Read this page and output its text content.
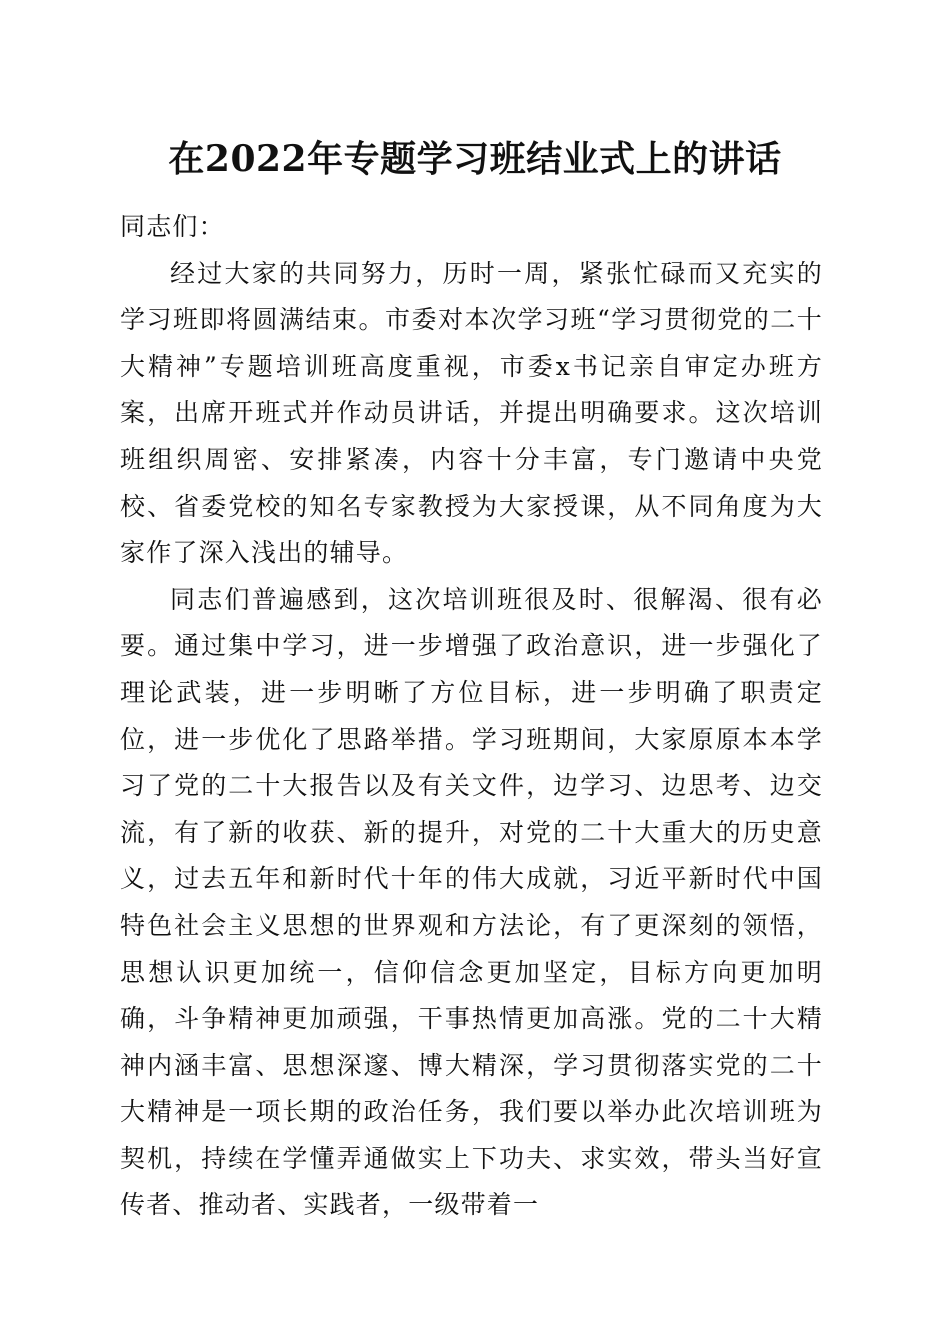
在2022年专题学习班结业式上的讲话

同志们：

经过大家的共同努力，历时一周，紧张忙碌而又充实的学习班即将圆满结束。市委对本次学习班“学习贯彻党的二十大精神”专题培训班高度重视，市委x书记亲自审定办班方案，出席开班式并作动员讲话，并提出明确要求。这次培训班组织周密、安排紧凑，内容十分丰富，专门邀请中央党校、省委党校的知名专家教授为大家授课，从不同角度为大家作了深入浅出的辅导。

同志们普遍感到，这次培训班很及时、很解渴、很有必要。通过集中学习，进一步增强了政治意识，进一步强化了理论武装，进一步明晰了方位目标，进一步明确了职责定位，进一步优化了思路举措。学习班期间，大家原原本本学习了党的二十大报告以及有关文件，边学习、边思考、边交流，有了新的收获、新的提升，对党的二十大重大的历史意义，过去五年和新时代十年的伟大成就，习近平新时代中国特色社会主义思想的世界观和方法论，有了更深刻的领悟，思想认识更加统一，信仰信念更加坚定，目标方向更加明确，斗争精神更加顽强，干事热情更加高涨。党的二十大精神内涵丰富、思想深邃、博大精深，学习贯彻落实党的二十大精神是一项长期的政治任务，我们要以举办此次培训班为契机，持续在学懂弄通做实上下功夫、求实效，带头当好宣传者、推动者、实践者，一级带着一
